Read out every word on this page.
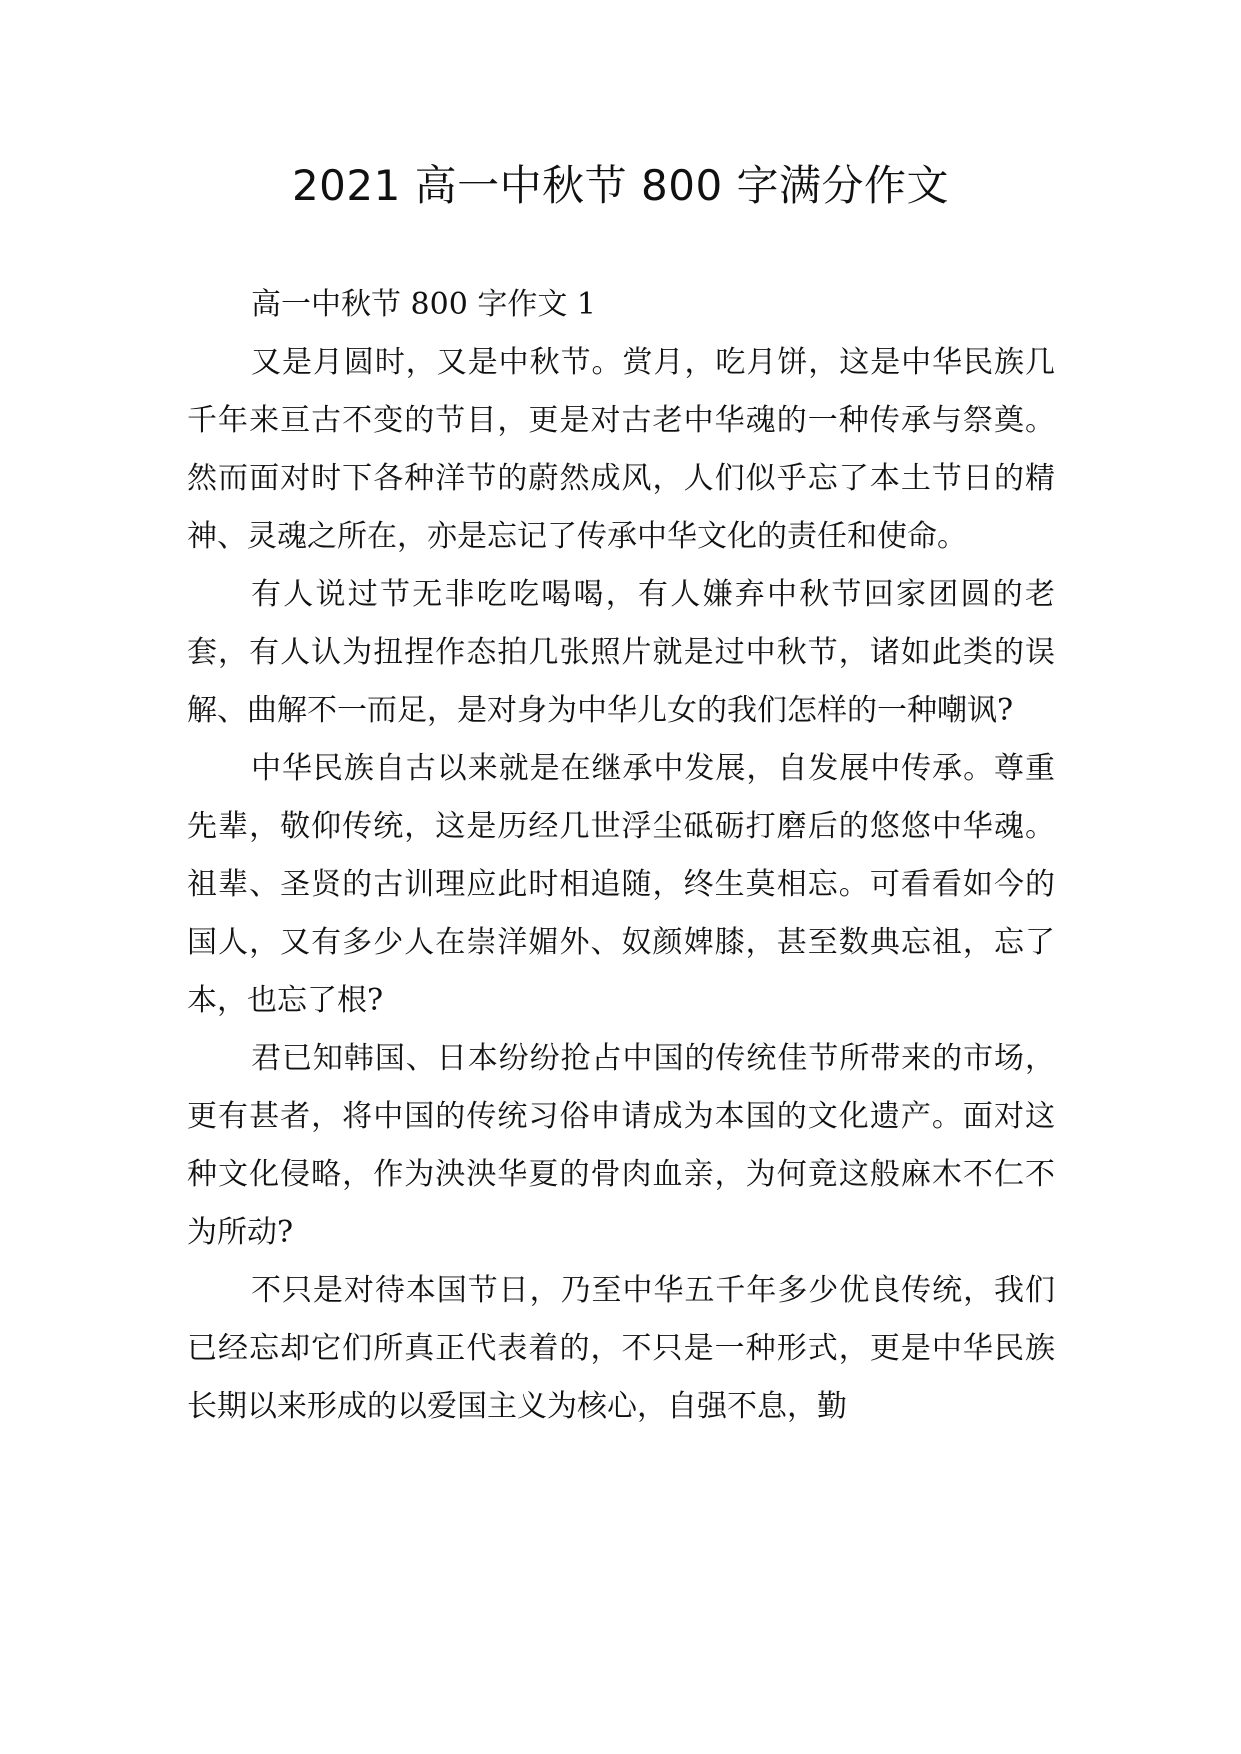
2021 高一中秋节 800 字满分作文

高一中秋节 800 字作文 1

又是月圆时，又是中秋节。赏月，吃月饼，这是中华民族几千年来亘古不变的节目，更是对古老中华魂的一种传承与祭奠。然而面对时下各种洋节的蔚然成风，人们似乎忘了本土节日的精神、灵魂之所在，亦是忘记了传承中华文化的责任和使命。

有人说过节无非吃吃喝喝，有人嫌弃中秋节回家团圆的老套，有人认为扭捏作态拍几张照片就是过中秋节，诸如此类的误解、曲解不一而足，是对身为中华儿女的我们怎样的一种嘲讽?

中华民族自古以来就是在继承中发展，自发展中传承。尊重先辈，敬仰传统，这是历经几世浮尘砥砺打磨后的悠悠中华魂。祖辈、圣贤的古训理应此时相追随，终生莫相忘。可看看如今的国人，又有多少人在崇洋媚外、奴颜婢膝，甚至数典忘祖，忘了本，也忘了根?

君已知韩国、日本纷纷抢占中国的传统佳节所带来的市场，更有甚者，将中国的传统习俗申请成为本国的文化遗产。面对这种文化侵略，作为泱泱华夏的骨肉血亲，为何竟这般麻木不仁不为所动?

不只是对待本国节日，乃至中华五千年多少优良传统，我们已经忘却它们所真正代表着的，不只是一种形式，更是中华民族长期以来形成的以爱国主义为核心，自强不息，勤
